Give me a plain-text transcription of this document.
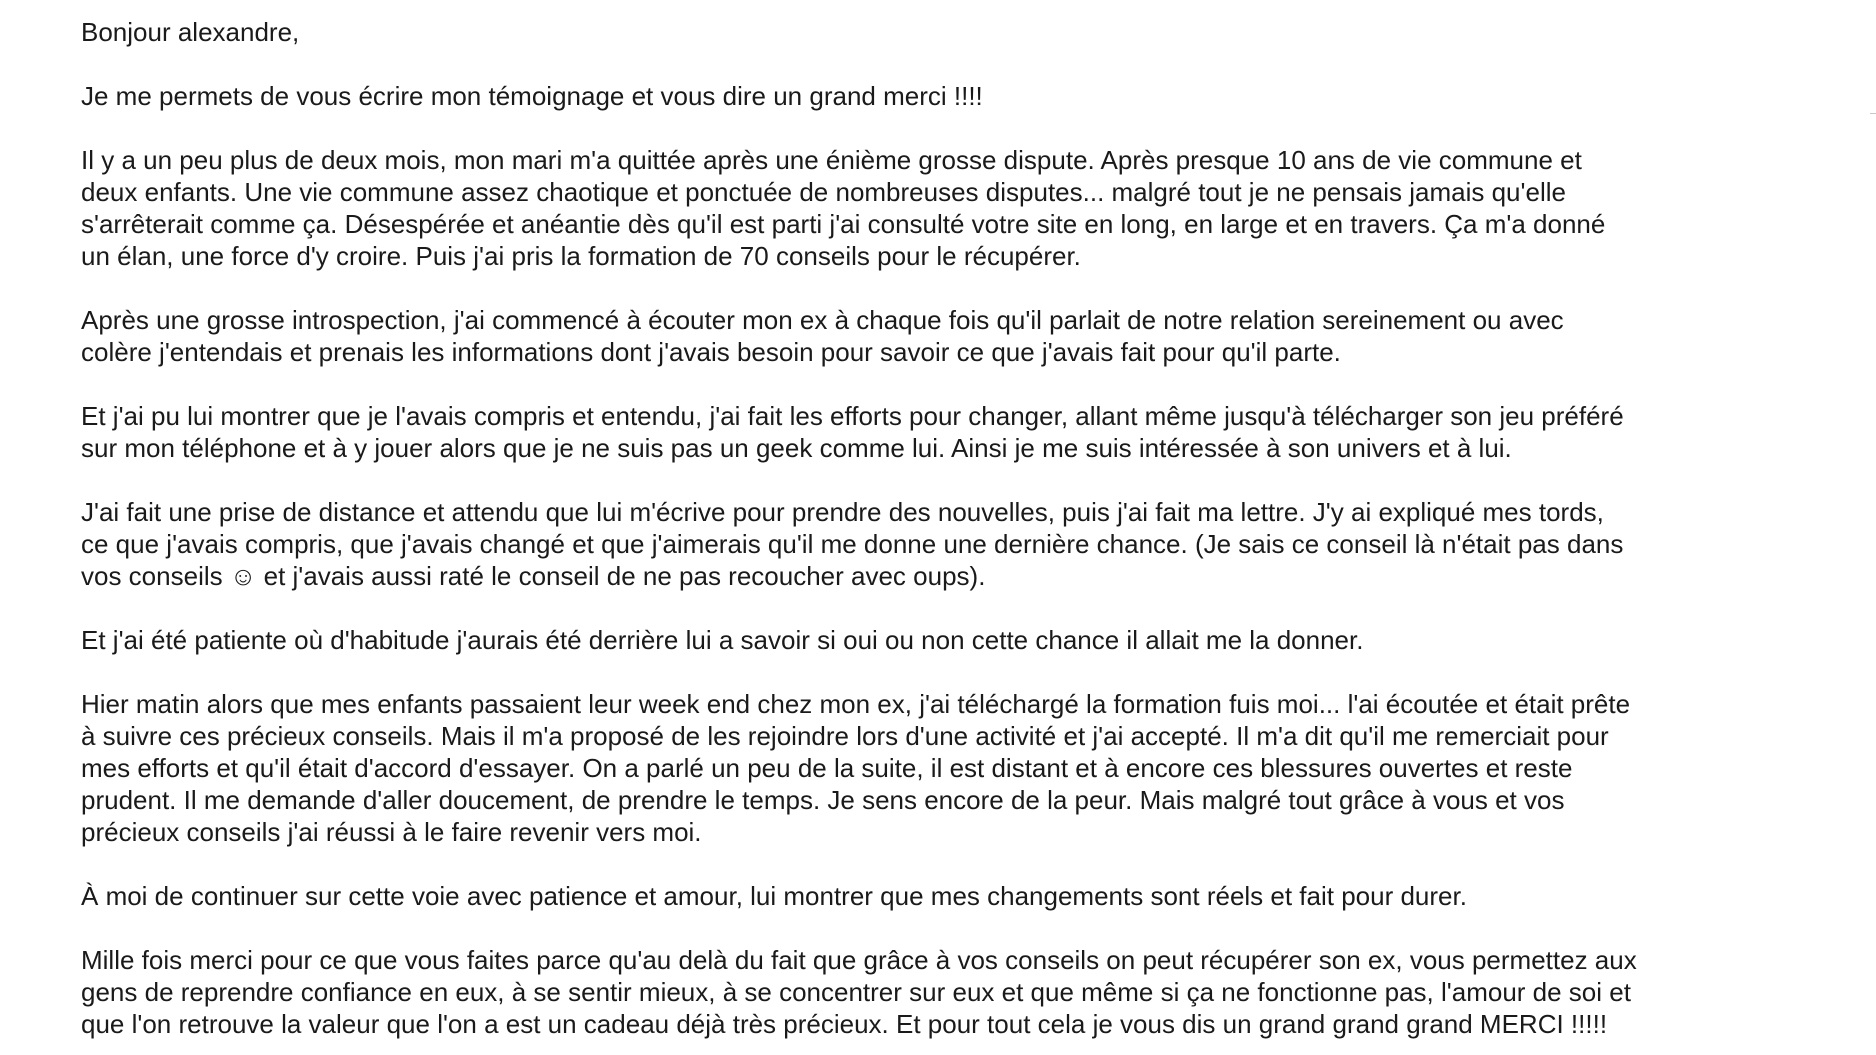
Bonjour alexandre,

Je me permets de vous écrire mon témoignage et vous dire un grand merci !!!!

Il y a un peu plus de deux mois, mon mari m'a quittée après une énième grosse dispute. Après presque 10 ans de vie commune et
deux enfants. Une vie commune assez chaotique et ponctuée de nombreuses disputes... malgré tout je ne pensais jamais qu'elle
s'arrêterait comme ça. Désespérée et anéantie dès qu'il est parti j'ai consulté votre site en long, en large et en travers. Ça m'a donné
un élan, une force d'y croire. Puis j'ai pris la formation de 70 conseils pour le récupérer.

Après une grosse introspection, j'ai commencé à écouter mon ex à chaque fois qu'il parlait de notre relation sereinement ou avec
colère j'entendais et prenais les informations dont j'avais besoin pour savoir ce que j'avais fait pour qu'il parte.

Et j'ai pu lui montrer que je l'avais compris et entendu, j'ai fait les efforts pour changer, allant même jusqu'à télécharger son jeu préféré
sur mon téléphone et à y jouer alors que je ne suis pas un geek comme lui. Ainsi je me suis intéressée à son univers et à lui.

J'ai fait une prise de distance et attendu que lui m'écrive pour prendre des nouvelles, puis j'ai fait ma lettre. J'y ai expliqué mes tords,
ce que j'avais compris, que j'avais changé et que j'aimerais qu'il me donne une dernière chance. (Je sais ce conseil là n'était pas dans
vos conseils ☺ et j'avais aussi raté le conseil de ne pas recoucher avec oups).

Et j'ai été patiente où d'habitude j'aurais été derrière lui a savoir si oui ou non cette chance il allait me la donner.

Hier matin alors que mes enfants passaient leur week end chez mon ex, j'ai téléchargé la formation fuis moi... l'ai écoutée et était prête
à suivre ces précieux conseils. Mais il m'a proposé de les rejoindre lors d'une activité et j'ai accepté. Il m'a dit qu'il me remerciait pour
mes efforts et qu'il était d'accord d'essayer. On a parlé un peu de la suite, il est distant et à encore ces blessures ouvertes et reste
prudent. Il me demande d'aller doucement, de prendre le temps. Je sens encore de la peur. Mais malgré tout grâce à vous et vos
précieux conseils j'ai réussi à le faire revenir vers moi.

À moi de continuer sur cette voie avec patience et amour, lui montrer que mes changements sont réels et fait pour durer.

Mille fois merci pour ce que vous faites parce qu'au delà du fait que grâce à vos conseils on peut récupérer son ex, vous permettez aux
gens de reprendre confiance en eux, à se sentir mieux, à se concentrer sur eux et que même si ça ne fonctionne pas, l'amour de soi et
que l'on retrouve la valeur que l'on a est un cadeau déjà très précieux. Et pour tout cela je vous dis un grand grand grand MERCI !!!!!
